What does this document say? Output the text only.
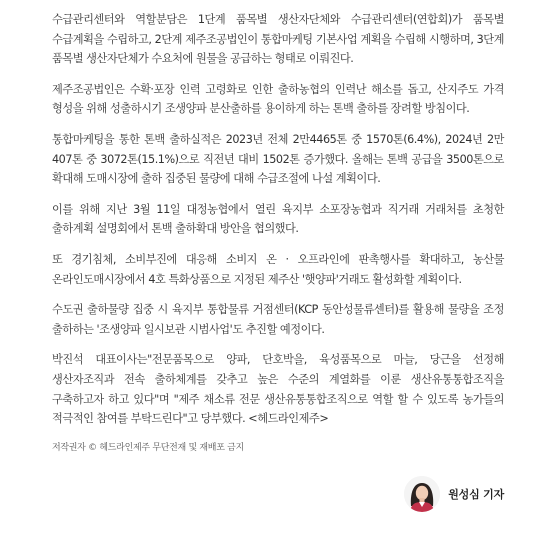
수급관리센터와 역할분담은 1단계 품목별 생산자단체와 수급관리센터(연합회)가 품목별 수급계획을 수립하고, 2단계 제주조공법인이 통합마케팅 기본사업 계획을 수립해 시행하며, 3단계 품목별 생산자단체가 수요처에 원물을 공급하는 형태로 이뤄진다.

제주조공법인은 수확·포장 인력 고령화로 인한 출하농협의 인력난 해소를 돕고, 산지주도 가격 형성을 위해 성출하시기 조생양파 분산출하를 용이하게 하는 톤백 출하를 장려할 방침이다.

통합마케팅을 통한 톤백 출하실적은 2023년 전체 2만4465톤 중 1570톤(6.4%), 2024년 2만 407톤 중 3072톤(15.1%)으로 직전년 대비 1502톤 증가했다. 올해는 톤백 공급을 3500톤으로 확대해 도매시장에 출하 집중된 물량에 대해 수급조절에 나설 계획이다.

이를 위해 지난 3월 11일 대정농협에서 열린 육지부 소포장농협과 직거래 거래처를 초청한 출하계획 설명회에서 톤백 출하확대 방안을 협의했다.

또 경기침체, 소비부진에 대응해 소비지 온 · 오프라인에 판촉행사를 확대하고, 농산물 온라인도매시장에서 4호 특화상품으로 지정된 제주산 '햇양파'거래도 활성화할 계획이다.

수도권 출하물량 집중 시 육지부 통합물류 거점센터(KCP 동안성물류센터)를 활용해 물량을 조정 출하하는 '조생양파 일시보관 시범사업'도 추진할 예정이다.

박진석 대표이사는"전문품목으로 양파, 단호박을, 육성품목으로 마늘, 당근을 선정해 생산자조직과 전속 출하체계를 갖추고 높은 수준의 계열화를 이룬 생산유통통합조직을 구축하고자 하고 있다"며 "제주 채소류 전문 생산유통통합조직으로 역할 할 수 있도록 농가들의 적극적인 참여를 부탁드린다"고 당부했다. <헤드라인제주>

저작권자 © 헤드라인제주 무단전재 및 재배포 금지
원성심 기자
